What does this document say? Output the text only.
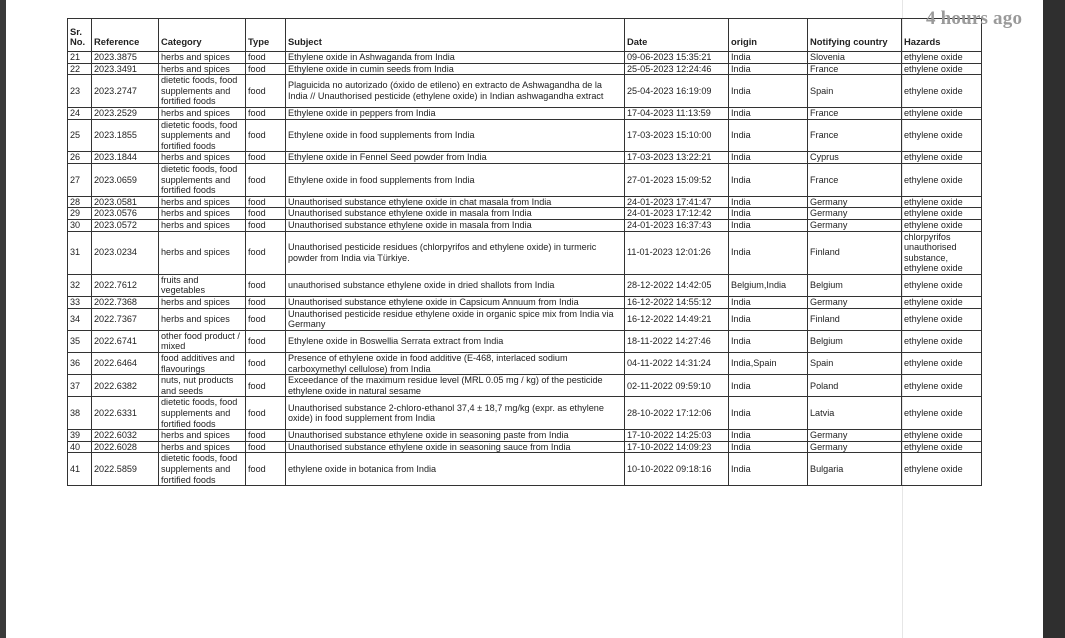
Sr. No.	Reference	Category	Type	Subject	Date	origin	Notifying country	Hazards
21	2023.3875	herbs and spices	food	Ethylene oxide in Ashwaganda from India	09-06-2023 15:35:21	India	Slovenia	ethylene oxide
22	2023.3491	herbs and spices	food	Ethylene oxide in cumin seeds from India	25-05-2023 12:24:46	India	France	ethylene oxide
23	2023.2747	dietetic foods, food supplements and fortified foods	food	Plaguicida no autorizado (óxido de etileno) en extracto de Ashwagandha de la India // Unauthorised pesticide (ethylene oxide) in Indian ashwagandha extract	25-04-2023 16:19:09	India	Spain	ethylene oxide
24	2023.2529	herbs and spices	food	Ethylene oxide in peppers from India	17-04-2023 11:13:59	India	France	ethylene oxide
25	2023.1855	dietetic foods, food supplements and fortified foods	food	Ethylene oxide in food supplements from India	17-03-2023 15:10:00	India	France	ethylene oxide
26	2023.1844	herbs and spices	food	Ethylene oxide in Fennel Seed powder from India	17-03-2023 13:22:21	India	Cyprus	ethylene oxide
27	2023.0659	dietetic foods, food supplements and fortified foods	food	Ethylene oxide in food supplements from India	27-01-2023 15:09:52	India	France	ethylene oxide
28	2023.0581	herbs and spices	food	Unauthorised substance ethylene oxide in chat masala from India	24-01-2023 17:41:47	India	Germany	ethylene oxide
29	2023.0576	herbs and spices	food	Unauthorised substance ethylene oxide in masala from India	24-01-2023 17:12:42	India	Germany	ethylene oxide
30	2023.0572	herbs and spices	food	Unauthorised substance ethylene oxide in masala from India	24-01-2023 16:37:43	India	Germany	ethylene oxide
31	2023.0234	herbs and spices	food	Unauthorised pesticide residues (chlorpyrifos and ethylene oxide) in turmeric powder from India via Türkiye.	11-01-2023 12:01:26	India	Finland	chlorpyrifos unauthorised substance, ethylene oxide
32	2022.7612	fruits and vegetables	food	unauthorised substance ethylene oxide in dried shallots from India	28-12-2022 14:42:05	Belgium,India	Belgium	ethylene oxide
33	2022.7368	herbs and spices	food	Unauthorised substance ethylene oxide in Capsicum Annuum from India	16-12-2022 14:55:12	India	Germany	ethylene oxide
34	2022.7367	herbs and spices	food	Unauthorised pesticide residue ethylene oxide in organic spice mix from India via Germany	16-12-2022 14:49:21	India	Finland	ethylene oxide
35	2022.6741	other food product / mixed	food	Ethylene oxide in Boswellia Serrata extract from India	18-11-2022 14:27:46	India	Belgium	ethylene oxide
36	2022.6464	food additives and flavourings	food	Presence of ethylene oxide in food additive (E-468, interlaced sodium carboxymethyl cellulose) from India	04-11-2022 14:31:24	India,Spain	Spain	ethylene oxide
37	2022.6382	nuts, nut products and seeds	food	Exceedance of the maximum residue level (MRL 0.05 mg / kg) of the pesticide ethylene oxide in natural sesame	02-11-2022 09:59:10	India	Poland	ethylene oxide
38	2022.6331	dietetic foods, food supplements and fortified foods	food	Unauthorised substance 2-chloro-ethanol 37,4 ± 18,7 mg/kg (expr. as ethylene oxide) in food supplement from India	28-10-2022 17:12:06	India	Latvia	ethylene oxide
39	2022.6032	herbs and spices	food	Unauthorised substance ethylene oxide in seasoning paste from India	17-10-2022 14:25:03	India	Germany	ethylene oxide
40	2022.6028	herbs and spices	food	Unauthorised substance ethylene oxide in seasoning sauce from India	17-10-2022 14:09:23	India	Germany	ethylene oxide
41	2022.5859	dietetic foods, food supplements and fortified foods	food	ethylene oxide in botanica from India	10-10-2022 09:18:16	India	Bulgaria	ethylene oxide
4 hours ago
